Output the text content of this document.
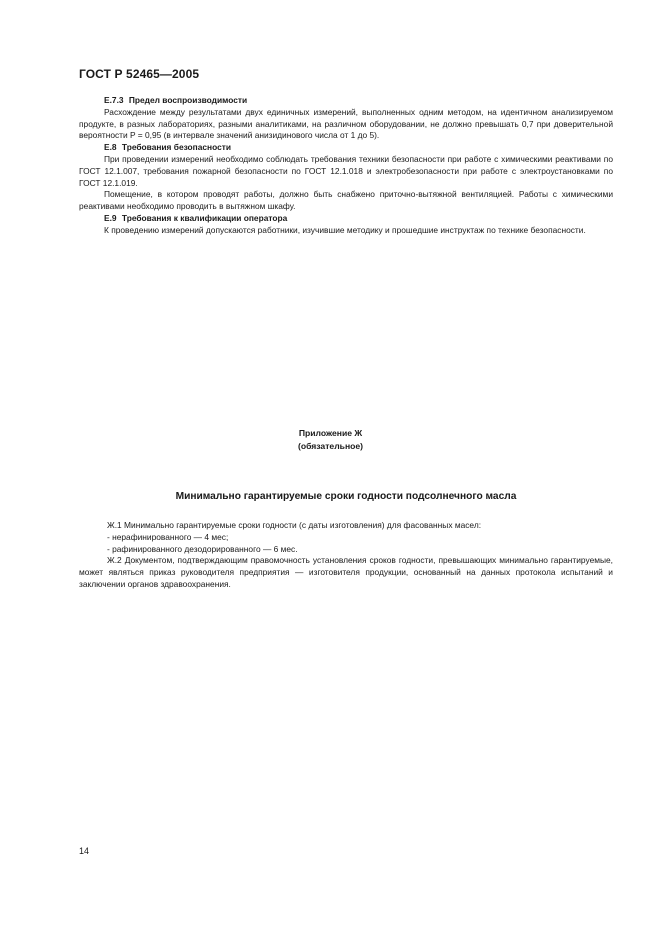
ГОСТ Р 52465—2005

Е.7.3 Предел воспроизводимости

Расхождение между результатами двух единичных измерений, выполненных одним методом, на идентичном анализируемом продукте, в разных лабораториях, разными аналитиками, на различном оборудовании, не должно превышать 0,7 при доверительной вероятности P = 0,95 (в интервале значений анизидинового числа от 1 до 5).

Е.8 Требования безопасности

При проведении измерений необходимо соблюдать требования техники безопасности при работе с химическими реактивами по ГОСТ 12.1.007, требования пожарной безопасности по ГОСТ 12.1.018 и электробезопасности при работе с электроустановками по ГОСТ 12.1.019.

Помещение, в котором проводят работы, должно быть снабжено приточно-вытяжной вентиляцией. Работы с химическими реактивами необходимо проводить в вытяжном шкафу.

Е.9 Требования к квалификации оператора

К проведению измерений допускаются работники, изучившие методику и прошедшие инструктаж по технике безопасности.

Приложение Ж
(обязательное)
Минимально гарантируемые сроки годности подсолнечного масла

Ж.1 Минимально гарантируемые сроки годности (с даты изготовления) для фасованных масел:

- нерафинированного — 4 мес;

- рафинированного дезодорированного — 6 мес.

Ж.2 Документом, подтверждающим правомочность установления сроков годности, превышающих минимально гарантируемые, может являться приказ руководителя предприятия — изготовителя продукции, основанный на данных протокола испытаний и заключении органов здравоохранения.

14
